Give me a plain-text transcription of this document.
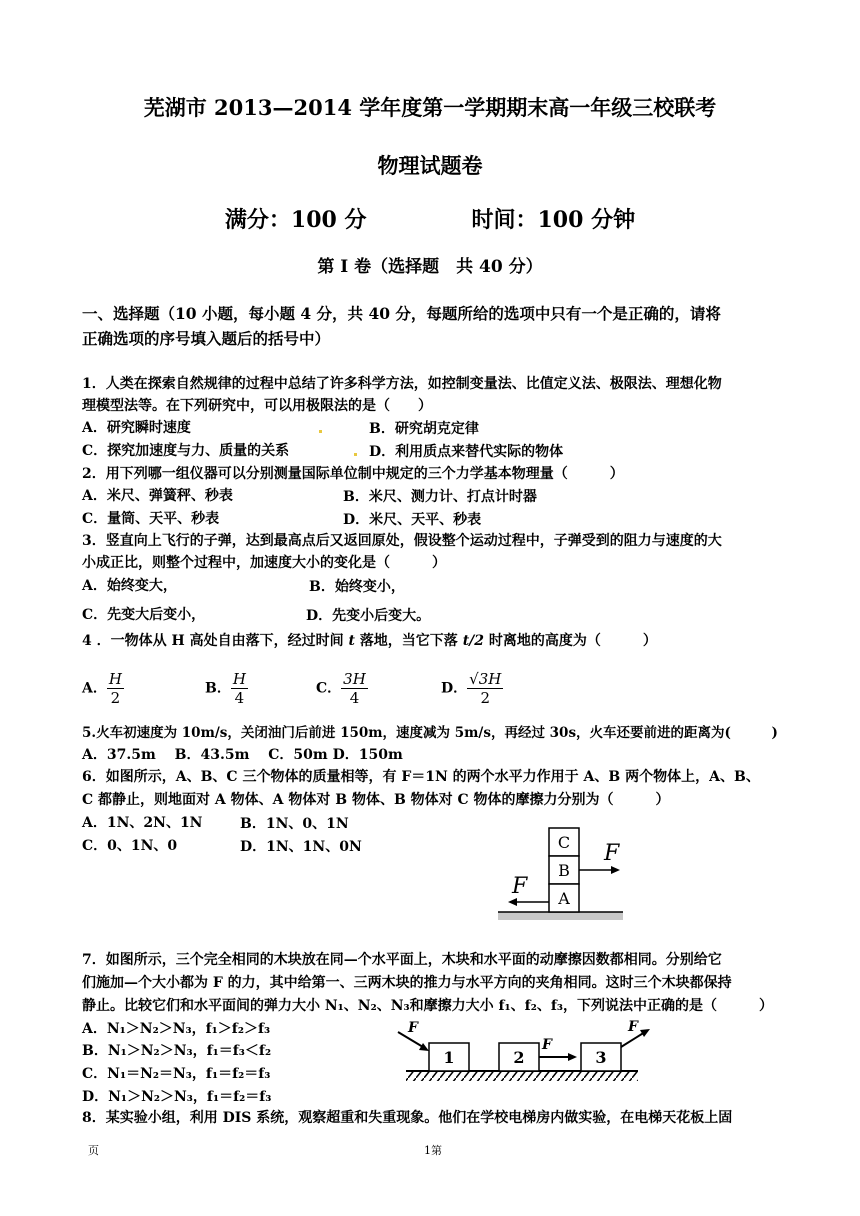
芜湖市 2013—2014 学年度第一学期期末高一年级三校联考
物理试题卷
满分：100 分	时间：100 分钟
第 I 卷（选择题　共 40 分）
一、选择题（10 小题，每小题 4 分，共 40 分，每题所给的选项中只有一个是正确的，请将
正确选项的序号填入题后的括号中）
1．人类在探索自然规律的过程中总结了许多科学方法，如控制变量法、比值定义法、极限法、理想化物
理模型法等。在下列研究中，可以用极限法的是（　　）
A．研究瞬时速度	B．研究胡克定律
C．探究加速度与力、质量的关系	D．利用质点来替代实际的物体
2．用下列哪一组仪器可以分别测量国际单位制中规定的三个力学基本物理量（　　　）
A．米尺、弹簧秤、秒表	B．米尺、测力计、打点计时器
C．量筒、天平、秒表	D．米尺、天平、秒表
3．竖直向上飞行的子弹，达到最高点后又返回原处，假设整个运动过程中，子弹受到的阻力与速度的大
小成正比，则整个过程中，加速度大小的变化是（　　　）
A．始终变大，	B．始终变小，
C．先变大后变小，	D．先变小后变大。
4 ．一物体从 H 高处自由落下，经过时间 t 落地，当它下落 t/2 时离地的高度为（　　　）
A． $\frac{H}{2}$	B． $\frac{H}{4}$	C． $\frac{3H}{4}$	D． $\frac{√3H}{2}$
5.火车初速度为 10m/s，关闭油门后前进 150m，速度减为 5m/s，再经过 30s，火车还要前进的距离为(　　　)
A．37.5m　 B．43.5m　 C．50m D．150m
6．如图所示，A、B、C 三个物体的质量相等，有 F＝1N 的两个水平力作用于 A、B 两个物体上，A、B、
C 都静止，则地面对 A 物体、A 物体对 B 物体、B 物体对 C 物体的摩擦力分别为（　　　）
A．1N、2N、1N	B．1N、0、1N
C．0、1N、0	D．1N、1N、0N	C
B
A
F
F
7．如图所示，三个完全相同的木块放在同—个水平面上，木块和水平面的动摩擦因数都相同。分别给它
们施加—个大小都为 F 的力，其中给第一、三两木块的推力与水平方向的夹角相同。这时三个木块都保持
静止。比较它们和水平面间的弹力大小 N₁、N₂、N₃和摩擦力大小 f₁、f₂、f₃，下列说法中正确的是（　　　）
A．N₁＞N₂＞N₃，f₁＞f₂＞f₃
B．N₁＞N₂＞N₃，f₁＝f₃＜f₂
C．N₁＝N₂＝N₃，f₁＝f₂＝f₃
D．N₁＞N₂＞N₃，f₁＝f₂＝f₃
1	2	3
F
F
F
8．某实验小组，利用 DIS 系统，观察超重和失重现象。他们在学校电梯房内做实验，在电梯天花板上固
页	1第
